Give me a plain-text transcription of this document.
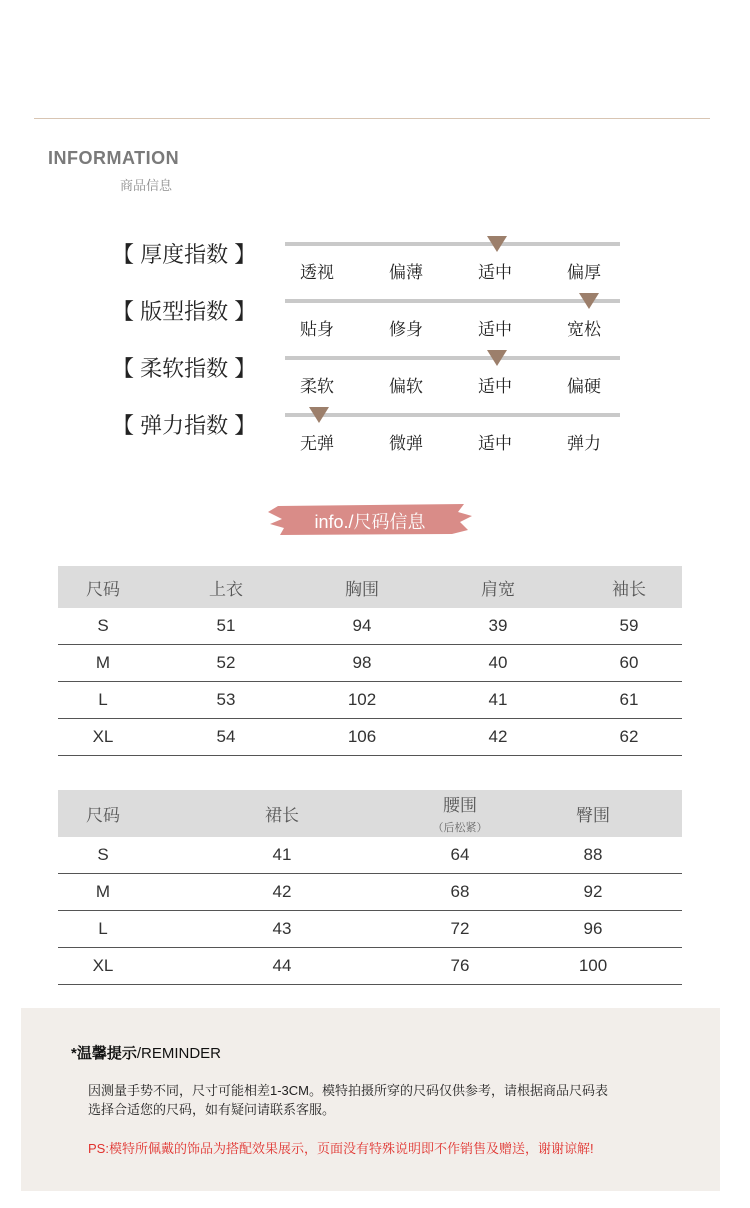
INFORMATION
商品信息
【 厚度指数 】
透视	偏薄	适中	偏厚
【 版型指数 】
贴身	修身	适中	宽松
【 柔软指数 】
柔软	偏软	适中	偏硬
【 弹力指数 】
无弹	微弹	适中	弹力
info./尺码信息
尺码	上衣	胸围	肩宽	袖长
S	51	94	39	59
M	52	98	40	60
L	53	102	41	61
XL	54	106	42	62
尺码	裙长	腰围（后松紧）	臀围
S	41	64	88
M	42	68	92
L	43	72	96
XL	44	76	100
*温馨提示/REMINDER
因测量手势不同，尺寸可能相差1-3CM。模特拍摄所穿的尺码仅供参考，请根据商品尺码表
选择合适您的尺码，如有疑问请联系客服。
PS:模特所佩戴的饰品为搭配效果展示，页面没有特殊说明即不作销售及赠送，谢谢谅解!
